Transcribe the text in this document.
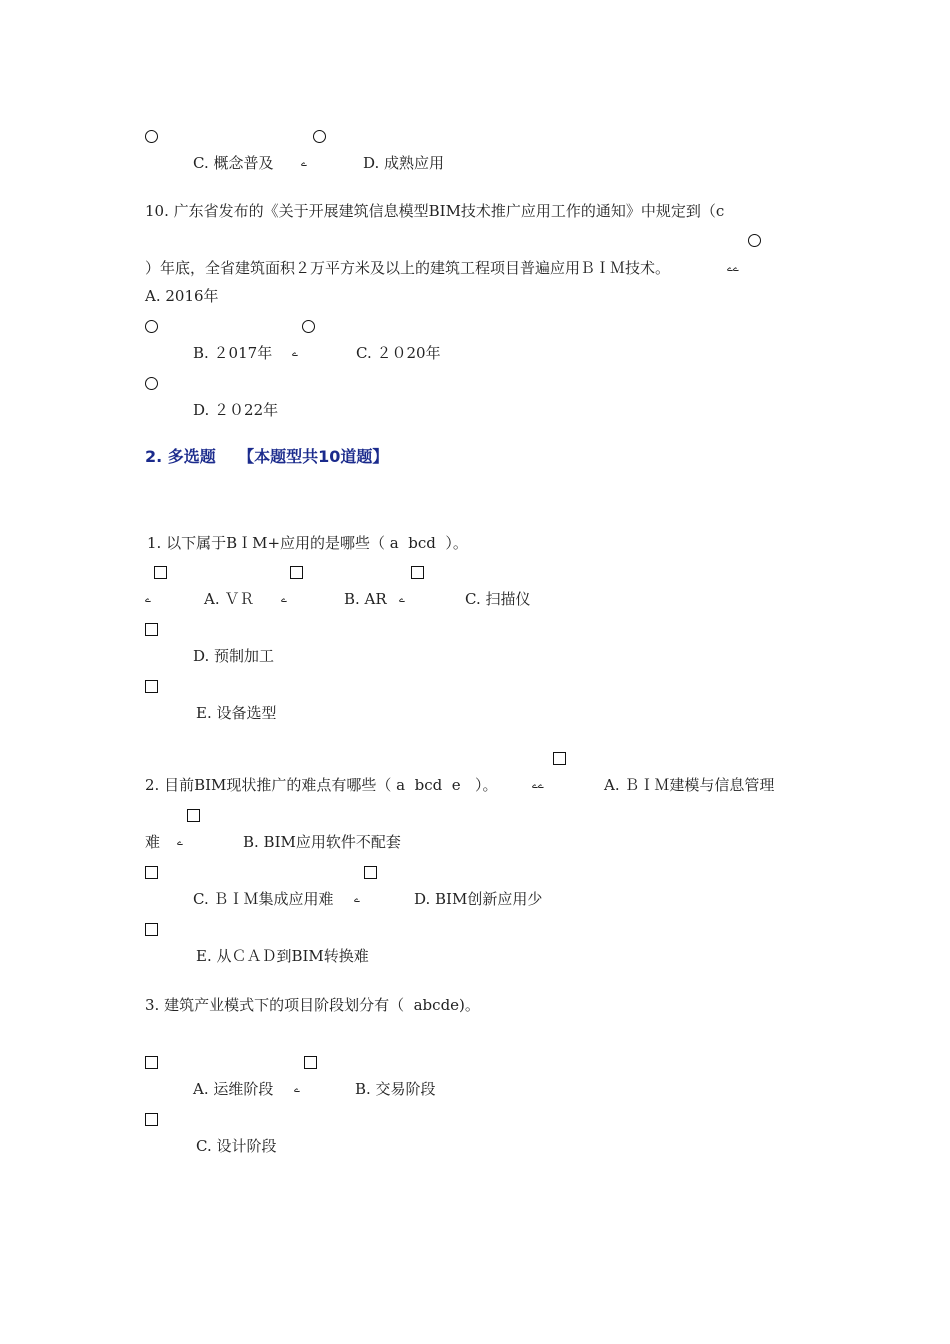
C. 概念普及	ے	D. 成熟应用
10. 广东省发布的《关于开展建筑信息模型BIM技术推广应用工作的通知》中规定到（c
）年底，全省建筑面积２万平方米及以上的建筑工程项目普遍应用ＢＩＭ技术。	ےے
A. 2016年
B. ２017年 ے	C. ２０20年
D. ２０22年
2. 多选题    【本题型共10道题】
1. 以下属于BＩM+应用的是哪些（ a  bcd  ）。
ے	A. ＶＲ	ے	B. AR ے	C. 扫描仪
D. 预制加工
E. 设备选型
2. 目前BIM现状推广的难点有哪些（ a  bcd  e   ）。	ےے	A. ＢＩＭ建模与信息管理
难 ے	B. BIM应用软件不配套
C. ＢＩＭ集成应用难 ے	D. BIM创新应用少
E. 从ＣＡＤ到BIM转换难
3. 建筑产业模式下的项目阶段划分有（  abcde)。
A. 运维阶段 ے	B. 交易阶段
C. 设计阶段
